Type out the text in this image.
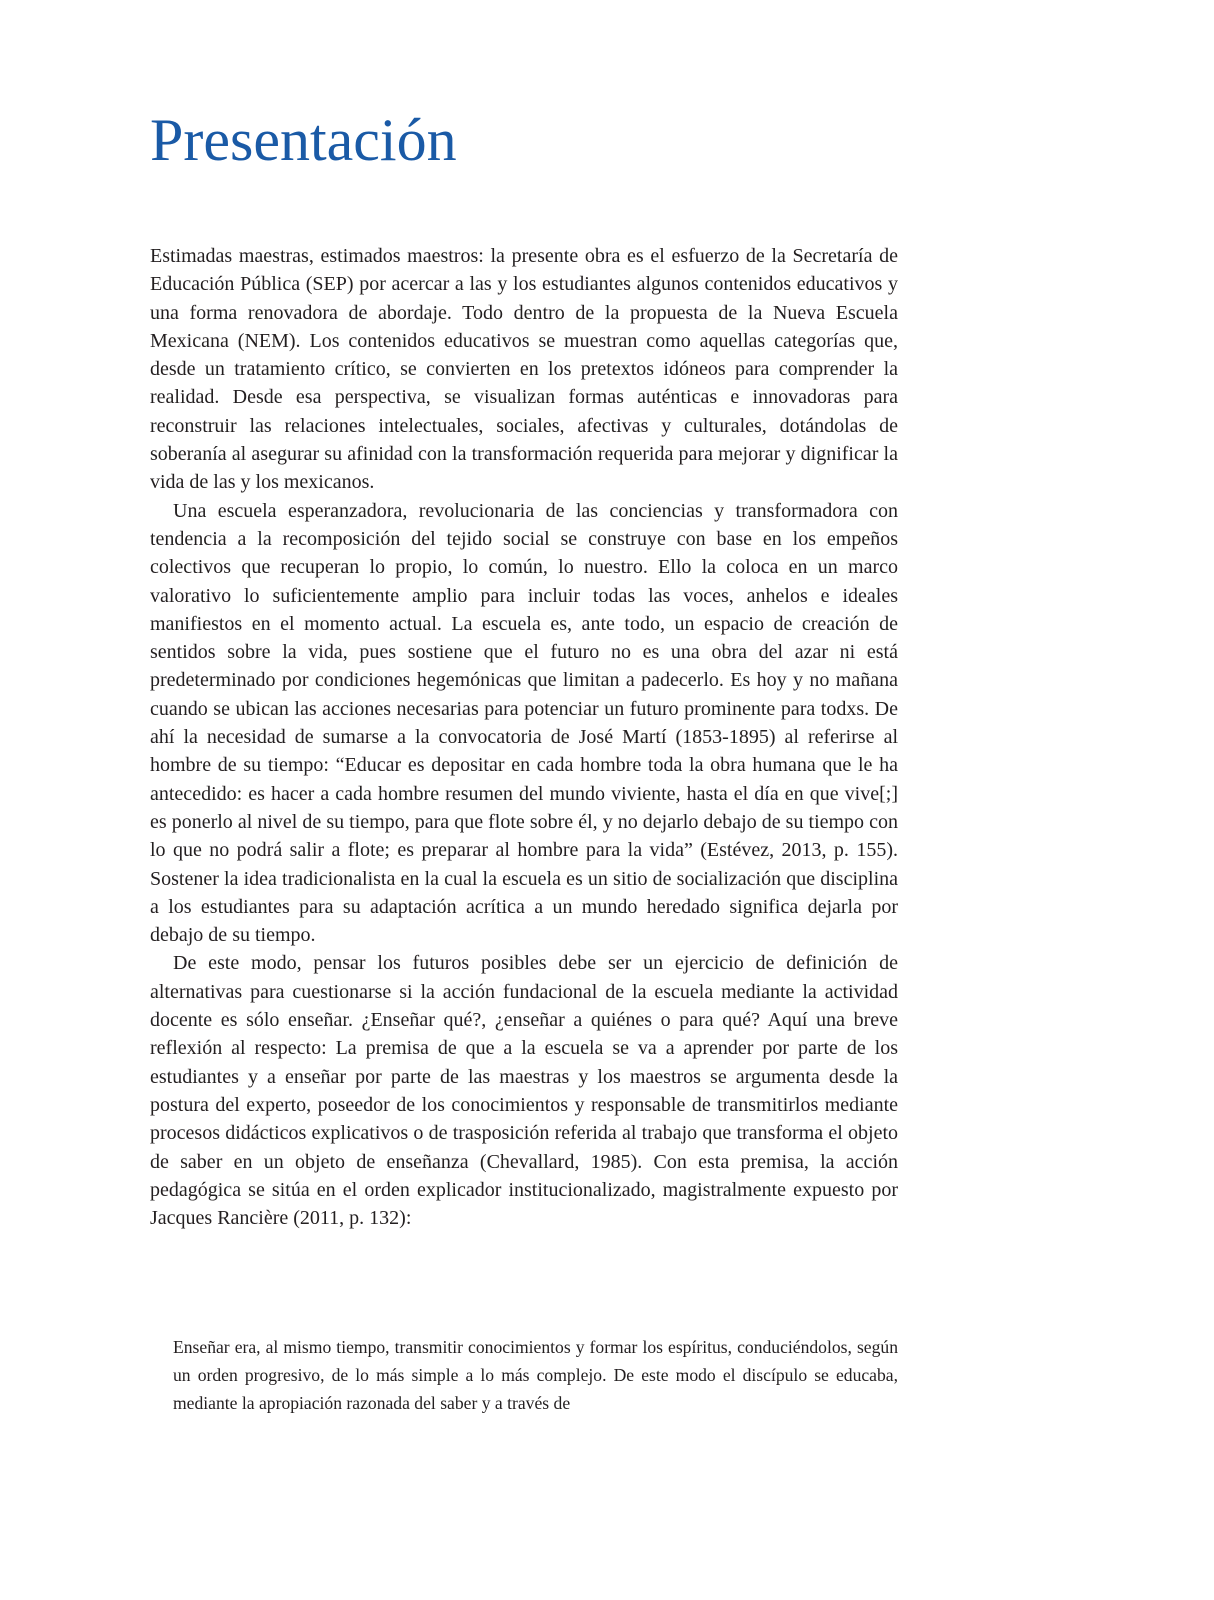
Presentación

Estimadas maestras, estimados maestros: la presente obra es el esfuerzo de la Secretaría de Educación Pública (SEP) por acercar a las y los estudiantes algunos contenidos educativos y una forma renovadora de abordaje. Todo dentro de la propuesta de la Nueva Escuela Mexicana (NEM). Los contenidos educativos se muestran como aquellas categorías que, desde un tratamiento crítico, se convierten en los pretextos idóneos para comprender la realidad. Desde esa perspectiva, se visualizan formas auténticas e innovadoras para reconstruir las relaciones intelectuales, sociales, afectivas y culturales, dotándolas de soberanía al asegurar su afinidad con la transformación requerida para mejorar y dignificar la vida de las y los mexicanos.

Una escuela esperanzadora, revolucionaria de las conciencias y transformadora con tendencia a la recomposición del tejido social se construye con base en los empeños colectivos que recuperan lo propio, lo común, lo nuestro. Ello la coloca en un marco valorativo lo suficientemente amplio para incluir todas las voces, anhelos e ideales manifiestos en el momento actual. La escuela es, ante todo, un espacio de creación de sentidos sobre la vida, pues sostiene que el futuro no es una obra del azar ni está predeterminado por condiciones hegemónicas que limitan a padecerlo. Es hoy y no mañana cuando se ubican las acciones necesarias para potenciar un futuro prominente para todxs. De ahí la necesidad de sumarse a la convocatoria de José Martí (1853-1895) al referirse al hombre de su tiempo: “Educar es depositar en cada hombre toda la obra humana que le ha antecedido: es hacer a cada hombre resumen del mundo viviente, hasta el día en que vive[;] es ponerlo al nivel de su tiempo, para que flote sobre él, y no dejarlo debajo de su tiempo con lo que no podrá salir a flote; es preparar al hombre para la vida” (Estévez, 2013, p. 155). Sostener la idea tradicionalista en la cual la escuela es un sitio de socialización que disciplina a los estudiantes para su adaptación acrítica a un mundo heredado significa dejarla por debajo de su tiempo.

De este modo, pensar los futuros posibles debe ser un ejercicio de definición de alternativas para cuestionarse si la acción fundacional de la escuela mediante la actividad docente es sólo enseñar. ¿Enseñar qué?, ¿enseñar a quiénes o para qué? Aquí una breve reflexión al respecto: La premisa de que a la escuela se va a aprender por parte de los estudiantes y a enseñar por parte de las maestras y los maestros se argumenta desde la postura del experto, poseedor de los conocimientos y responsable de transmitirlos mediante procesos didácticos explicativos o de trasposición referida al trabajo que transforma el objeto de saber en un objeto de enseñanza (Chevallard, 1985). Con esta premisa, la acción pedagógica se sitúa en el orden explicador institucionalizado, magistralmente expuesto por Jacques Rancière (2011, p. 132):

Enseñar era, al mismo tiempo, transmitir conocimientos y formar los espíritus, conduciéndolos, según un orden progresivo, de lo más simple a lo más complejo. De este modo el discípulo se educaba, mediante la apropiación razonada del saber y a través de
